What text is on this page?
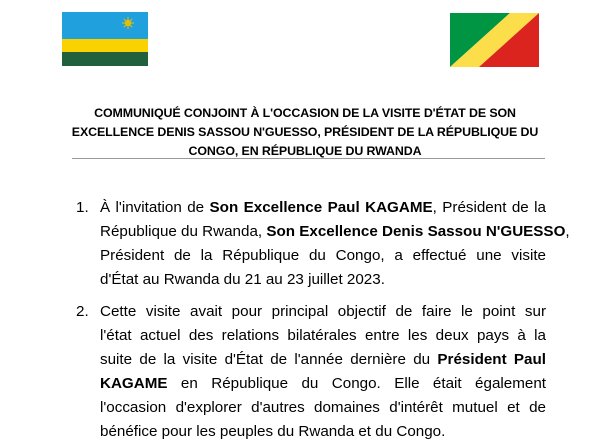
COMMUNIQUÉ CONJOINT À L'OCCASION DE LA VISITE D'ÉTAT DE SON
EXCELLENCE DENIS SASSOU N'GUESSO, PRÉSIDENT DE LA RÉPUBLIQUE DU
CONGO, EN RÉPUBLIQUE DU RWANDA
1. À l'invitation de Son Excellence Paul KAGAME, Président de la
République du Rwanda, Son Excellence Denis Sassou N'GUESSO,
Président de la République du Congo, a effectué une visite
d'État au Rwanda du 21 au 23 juillet 2023.
2. Cette visite avait pour principal objectif de faire le point sur
l'état actuel des relations bilatérales entre les deux pays à la
suite de la visite d'État de l'année dernière du Président Paul
KAGAME en République du Congo. Elle était également
l'occasion d'explorer d'autres domaines d'intérêt mutuel et de
bénéfice pour les peuples du Rwanda et du Congo.
